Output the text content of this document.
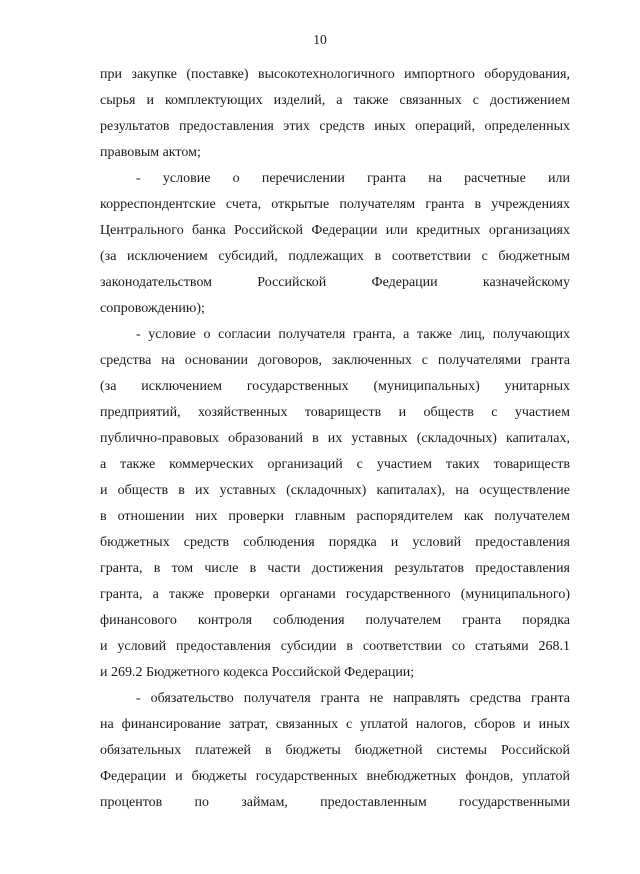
10
при закупке (поставке) высокотехнологичного импортного оборудования,
сырья и комплектующих изделий, а также связанных с достижением
результатов предоставления этих средств иных операций, определенных
правовым актом;
- условие о перечислении гранта на расчетные или
корреспондентские счета, открытые получателям гранта в учреждениях
Центрального банка Российской Федерации или кредитных организациях
(за исключением субсидий, подлежащих в соответствии с бюджетным
законодательством Российской Федерации казначейскому
сопровождению);
- условие о согласии получателя гранта, а также лиц, получающих
средства на основании договоров, заключенных с получателями гранта
(за исключением государственных (муниципальных) унитарных
предприятий, хозяйственных товариществ и обществ с участием
публично-правовых образований в их уставных (складочных) капиталах,
а также коммерческих организаций с участием таких товариществ
и обществ в их уставных (складочных) капиталах), на осуществление
в отношении них проверки главным распорядителем как получателем
бюджетных средств соблюдения порядка и условий предоставления
гранта, в том числе в части достижения результатов предоставления
гранта, а также проверки органами государственного (муниципального)
финансового контроля соблюдения получателем гранта порядка
и условий предоставления субсидии в соответствии со статьями 268.1
и 269.2 Бюджетного кодекса Российской Федерации;
- обязательство получателя гранта не направлять средства гранта
на финансирование затрат, связанных с уплатой налогов, сборов и иных
обязательных платежей в бюджеты бюджетной системы Российской
Федерации и бюджеты государственных внебюджетных фондов, уплатой
процентов по займам, предоставленным государственными
